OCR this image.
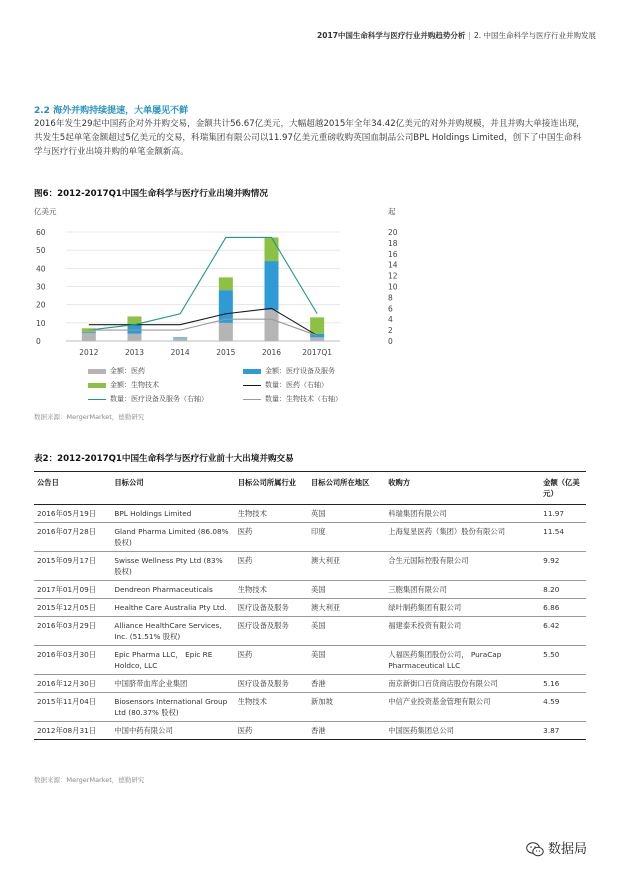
2017中国生命科学与医疗行业并购趋势分析 | 2. 中国生命科学与医疗行业并购发展
2.2 海外并购持续提速，大单屡见不鲜
2016年发生29起中国药企对外并购交易，金额共计56.67亿美元，大幅超越2015年全年34.42亿美元的对外并购规模，并且并购大单接连出现，共发生5起单笔金额超过5亿美元的交易，科瑞集团有限公司以11.97亿美元重磅收购英国血制品公司BPL Holdings Limited，创下了中国生命科学与医疗行业出境并购的单笔金额新高。
图6：2012-2017Q1中国生命科学与医疗行业出境并购情况
亿美元	起
0
10
20
30
40
50
60
0
2
4
6
8
10
12
14
16
18
20
2012	2013	2014	2015	2016	2017Q1
金额：医药	金额：医疗设备及服务
金额：生物技术	数量：医药（右轴）
数量：医疗设备及服务（右轴）	数量：生物技术（右轴）
数据来源：MergerMarket，德勤研究
表2：2012-2017Q1中国生命科学与医疗行业前十大出境并购交易
公告日	目标公司	目标公司所属行业	目标公司所在地区	收购方	金额（亿美元）
2016年05月19日	BPL Holdings Limited	生物技术	英国	科瑞集团有限公司	11.97
2016年07月28日	Gland Pharma Limited (86.08% 股权)	医药	印度	上海复星医药（集团）股份有限公司	11.54
2015年09月17日	Swisse Wellness Pty Ltd (83% 股权)	医药	澳大利亚	合生元国际控股有限公司	9.92
2017年01月09日	Dendreon Pharmaceuticals	生物技术	美国	三胞集团有限公司	8.20
2015年12月05日	Healthe Care Australia Pty Ltd.	医疗设备及服务	澳大利亚	绿叶制药集团有限公司	6.86
2016年03月29日	Alliance HealthCare Services, Inc. (51.51% 股权)	医疗设备及服务	美国	福建泰禾投资有限公司	6.42
2016年03月30日	Epic Pharma LLC， Epic RE Holdco, LLC	医药	美国	人福医药集团股份公司， PuraCap Pharmaceutical LLC	5.50
2016年12月30日	中国脐带血库企业集团	医疗设备及服务	香港	南京新街口百货商店股份有限公司	5.16
2015年11月04日	Biosensors International Group Ltd (80.37% 股权)	生物技术	新加坡	中信产业投资基金管理有限公司	4.59
2012年08月31日	中国中药有限公司	医药	香港	中国医药集团总公司	3.87
数据来源：MergerMarket，德勤研究
数据局
